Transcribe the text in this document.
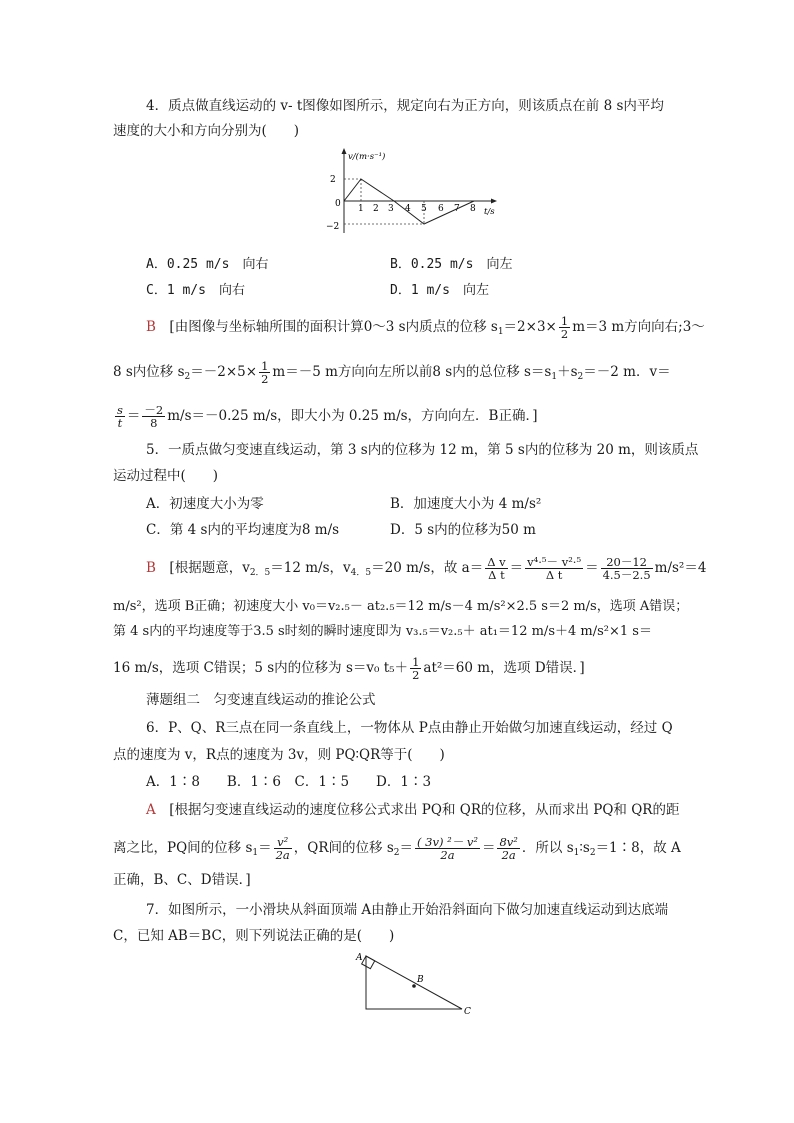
4．质点做直线运动的 v- t图像如图所示，规定向右为正方向，则该质点在前 8 s内平均
速度的大小和方向分别为(　　)
v/(m·s⁻¹)
t/s
0
2
−2
1 2 3 4 5 6 7 8
A．0.25 m/s　向右	B．0.25 m/s　向左
C．1 m/s　向右	D．1 m/s　向左
B　 [由图像与坐标轴所围的面积计算0～3 s内质点的位移 $s_1=2\times 3\times \frac{1}{2} m=3$ m方向向右;3～
8 s内位移 $s_2=-2\times 5\times \frac{1}{2} m=-5$ m方向向左所以前8 s内的总位移 $s=s_1+s_2=-2$ m．v＝
$\frac{s}{t} = \frac{-2}{8} m/s=-0.25$ m/s，即大小为 0.25 m/s，方向向左．B正确．]
5．一质点做匀变速直线运动，第 3 s内的位移为 12 m，第 5 s内的位移为 20 m，则该质点
运动过程中(　　)
A．初速度大小为零	B．加速度大小为 4 m/s²
C．第 4 s内的平均速度为8 m/s	D．5 s内的位移为50 m
B　 [根据题意，$v_{2.5}=12$ m/s，$v_{4.5}=20$ m/s，故 $a= \frac{\text{Δ v}}{\text{Δ t}} = \frac{\text{v⁴·⁵－ v²·⁵}}{\text{Δ t}} = \frac{20-12}{4.5-2.5} m/s^2=4$
m/s²，选项 B正确；初速度大小 v₀＝v₂.₅－ at₂.₅＝12 m/s－4 m/s²×2.5 s＝2 m/s，选项 A错误；
第 4 s内的平均速度等于3.5 s时刻的瞬时速度即为 v₃.₅＝v₂.₅＋ at₁＝12 m/s＋4 m/s²×1 s＝
16 m/s，选项 C错误；5 s内的位移为 s＝v₀ $t_5+ \frac{1}{2} at^2=60$ m，选项 D错误．]
薄题组二　匀变速直线运动的推论公式
6．P、Q、R三点在同一条直线上，一物体从 P点由静止开始做匀加速直线运动，经过 Q
点的速度为 v，R点的速度为 3v，则 PQ∶QR等于(　　)
A．1∶8　　B．1∶6　C．1∶5　　D．1∶3
A　 [根据匀变速直线运动的速度位移公式求出 PQ和 QR的位移，从而求出 PQ和 QR的距
离之比，PQ间的位移 $s_1= \frac{\text{v²}}{2a}$ ，QR间的位移 $s_2= \frac{\text{( 3v) ²－ v²}}{2a} = \frac{\text{8v²}}{2a}$ ．所以 $s_1∶s_2=1∶8$，故 A
正确，B、C、D错误．]
7．如图所示，一小滑块从斜面顶端 A由静止开始沿斜面向下做匀加速直线运动到达底端
C，已知 AB＝BC，则下列说法正确的是(　　)
A
B
C
